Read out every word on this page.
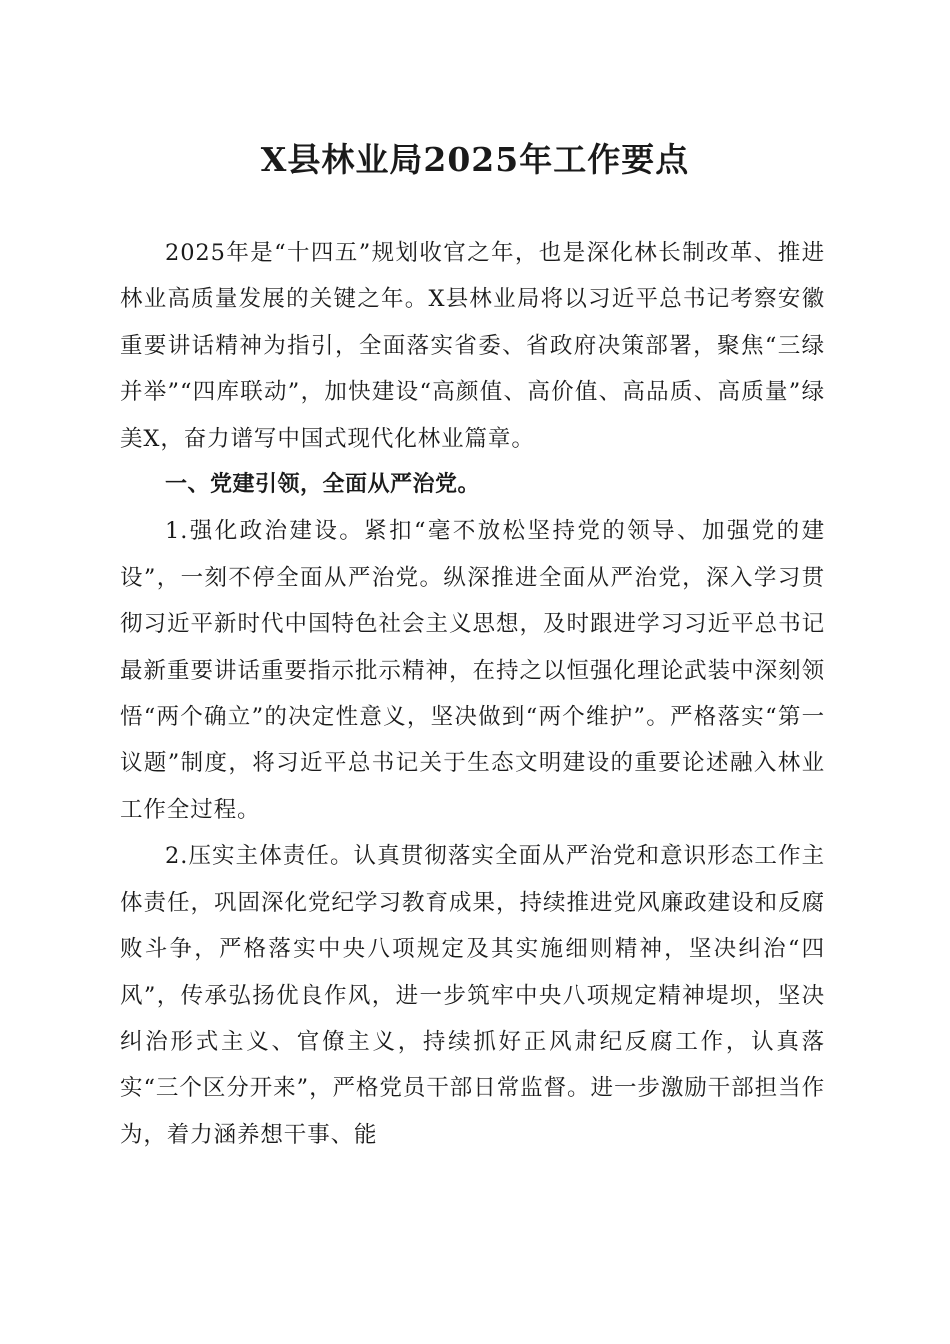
X县林业局2025年工作要点

2025年是“十四五”规划收官之年，也是深化林长制改革、推进林业高质量发展的关键之年。X县林业局将以习近平总书记考察安徽重要讲话精神为指引，全面落实省委、省政府决策部署，聚焦“三绿并举”“四库联动”，加快建设“高颜值、高价值、高品质、高质量”绿美X，奋力谱写中国式现代化林业篇章。

一、党建引领，全面从严治党。

1.强化政治建设。紧扣“毫不放松坚持党的领导、加强党的建设”，一刻不停全面从严治党。纵深推进全面从严治党，深入学习贯彻习近平新时代中国特色社会主义思想，及时跟进学习习近平总书记最新重要讲话重要指示批示精神，在持之以恒强化理论武装中深刻领悟“两个确立”的决定性意义，坚决做到“两个维护”。严格落实“第一议题”制度，将习近平总书记关于生态文明建设的重要论述融入林业工作全过程。

2.压实主体责任。认真贯彻落实全面从严治党和意识形态工作主体责任，巩固深化党纪学习教育成果，持续推进党风廉政建设和反腐败斗争，严格落实中央八项规定及其实施细则精神，坚决纠治“四风”，传承弘扬优良作风，进一步筑牢中央八项规定精神堤坝，坚决纠治形式主义、官僚主义，持续抓好正风肃纪反腐工作，认真落实“三个区分开来”，严格党员干部日常监督。进一步激励干部担当作为，着力涵养想干事、能
